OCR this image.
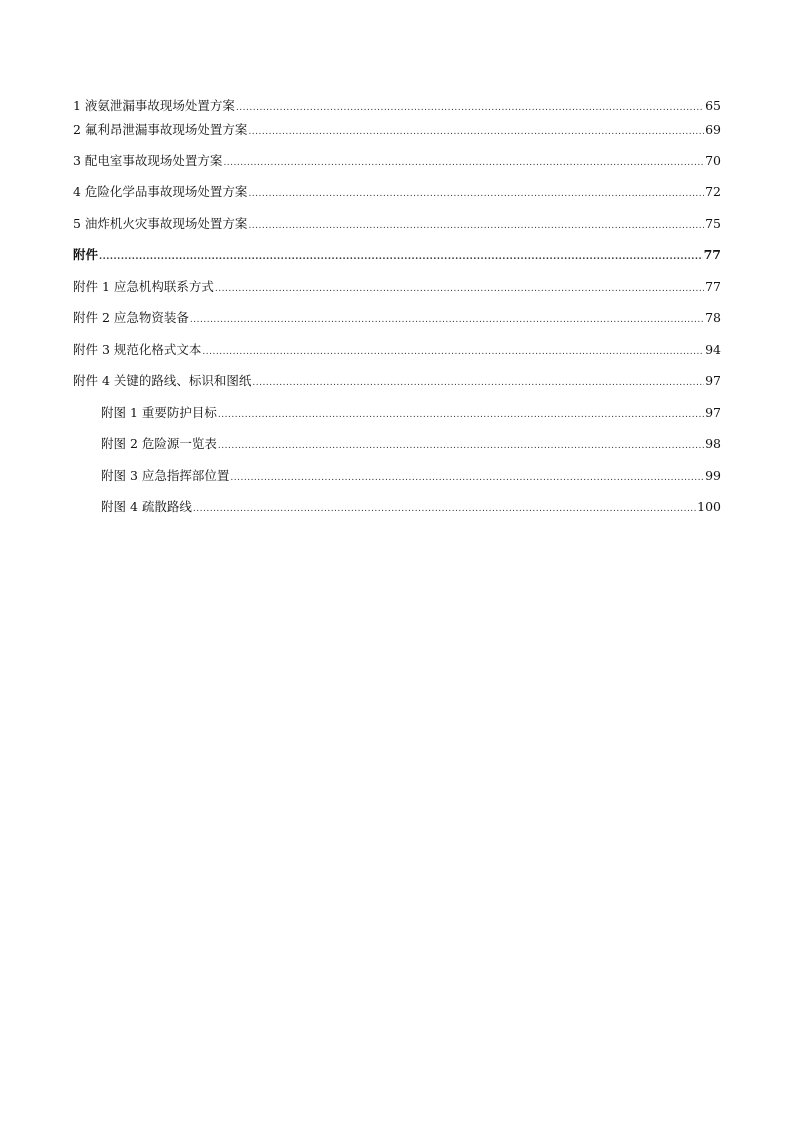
1 液氨泄漏事故现场处置方案 .....	65
2 氟利昂泄漏事故现场处置方案 .....	69
3 配电室事故现场处置方案 .....	70
4 危险化学品事故现场处置方案 .....	72
5 油炸机火灾事故现场处置方案 .....	75
附件 .....	77
附件 1 应急机构联系方式 .....	77
附件 2 应急物资装备 .....	78
附件 3 规范化格式文本 .....	94
附件 4 关键的路线、标识和图纸 .....	97
附图 1 重要防护目标 .....	97
附图 2 危险源一览表 .....	98
附图 3 应急指挥部位置 .....	99
附图 4 疏散路线 .....	100
